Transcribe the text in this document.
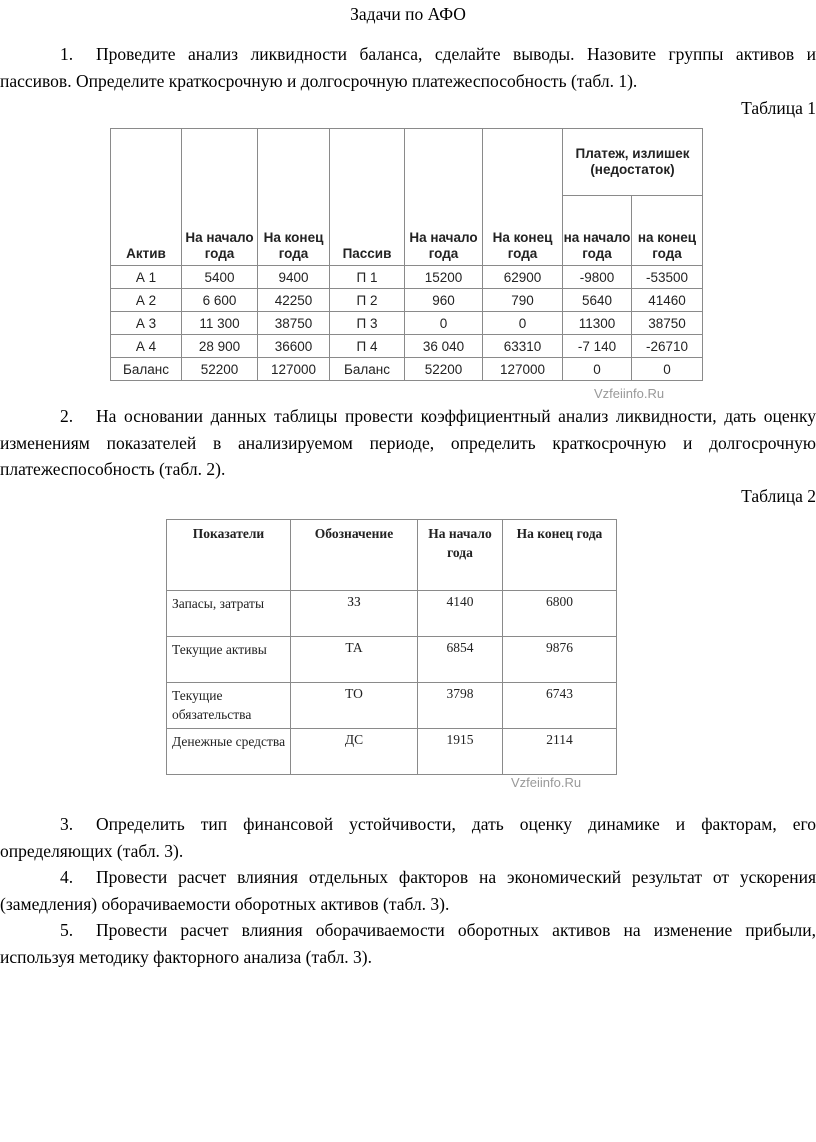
Задачи по АФО
1. Проведите анализ ликвидности баланса, сделайте выводы. Назовите группы активов и пассивов. Определите краткосрочную и долгосрочную платежеспособность (табл. 1).
Таблица 1
Актив	На начало года	На конец года	Пассив	На начало года	На конец года	Платеж, излишек (недостаток)	
						на начало года	на конец года
А 1	5400	9400	П 1	15200	62900	-9800	-53500
А 2	6 600	42250	П 2	960	790	5640	41460
А 3	11 300	38750	П 3	0	0	11300	38750
А 4	28 900	36600	П 4	36 040	63310	-7 140	-26710
Баланс	52200	127000	Баланс	52200	127000	0	0
Vzfeiinfo.Ru
2. На основании данных таблицы провести коэффициентный анализ ликвидности, дать оценку изменениям показателей в анализируемом периоде, определить краткосрочную и долгосрочную платежеспособность (табл. 2).
Таблица 2
Показатели	Обозначение	На начало года	На конец года
Запасы, затраты	ЗЗ	4140	6800
Текущие активы	ТА	6854	9876
Текущие обязательства	ТО	3798	6743
Денежные средства	ДС	1915	2114
Vzfeiinfo.Ru
3. Определить тип финансовой устойчивости, дать оценку динамике и факторам, его определяющих (табл. 3).
4. Провести расчет влияния отдельных факторов на экономический результат от ускорения (замедления) оборачиваемости оборотных активов (табл. 3).
5. Провести расчет влияния оборачиваемости оборотных активов на изменение прибыли, используя методику факторного анализа (табл. 3).
